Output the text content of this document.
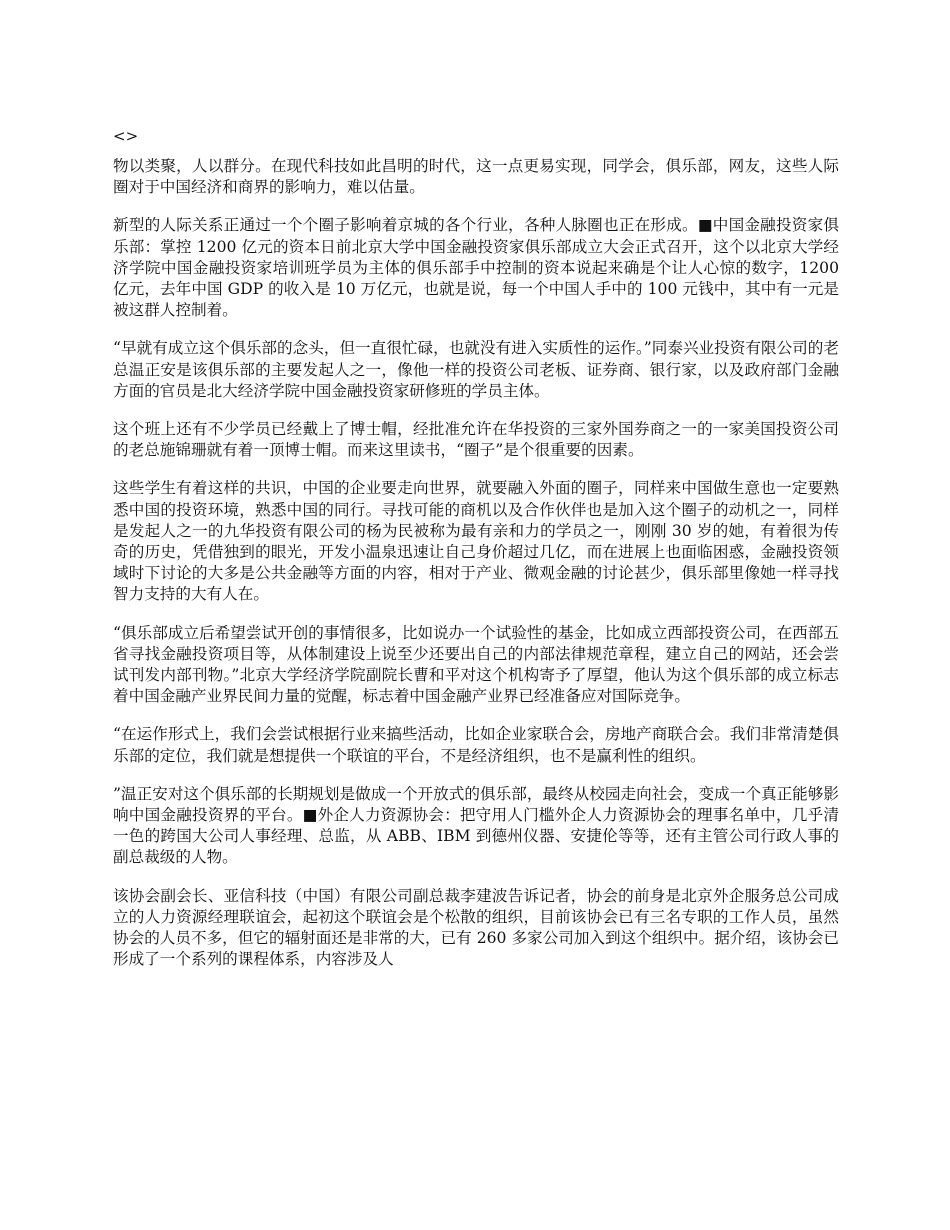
<>

物以类聚，人以群分。在现代科技如此昌明的时代，这一点更易实现，同学会，俱乐部，网友，这些人际圈对于中国经济和商界的影响力，难以估量。

新型的人际关系正通过一个个圈子影响着京城的各个行业，各种人脉圈也正在形成。■中国金融投资家俱乐部：掌控 1200 亿元的资本日前北京大学中国金融投资家俱乐部成立大会正式召开，这个以北京大学经济学院中国金融投资家培训班学员为主体的俱乐部手中控制的资本说起来确是个让人心惊的数字，1200 亿元，去年中国 GDP 的收入是 10 万亿元，也就是说，每一个中国人手中的 100 元钱中，其中有一元是被这群人控制着。

“早就有成立这个俱乐部的念头，但一直很忙碌，也就没有进入实质性的运作。”同泰兴业投资有限公司的老总温正安是该俱乐部的主要发起人之一，像他一样的投资公司老板、证券商、银行家，以及政府部门金融方面的官员是北大经济学院中国金融投资家研修班的学员主体。

这个班上还有不少学员已经戴上了博士帽，经批准允许在华投资的三家外国券商之一的一家美国投资公司的老总施锦珊就有着一顶博士帽。而来这里读书，“圈子”是个很重要的因素。

这些学生有着这样的共识，中国的企业要走向世界，就要融入外面的圈子，同样来中国做生意也一定要熟悉中国的投资环境，熟悉中国的同行。寻找可能的商机以及合作伙伴也是加入这个圈子的动机之一，同样是发起人之一的九华投资有限公司的杨为民被称为最有亲和力的学员之一，刚刚 30 岁的她，有着很为传奇的历史，凭借独到的眼光，开发小温泉迅速让自己身价超过几亿，而在进展上也面临困惑，金融投资领域时下讨论的大多是公共金融等方面的内容，相对于产业、微观金融的讨论甚少，俱乐部里像她一样寻找智力支持的大有人在。

“俱乐部成立后希望尝试开创的事情很多，比如说办一个试验性的基金，比如成立西部投资公司，在西部五省寻找金融投资项目等，从体制建设上说至少还要出自己的内部法律规范章程，建立自己的网站，还会尝试刊发内部刊物。”北京大学经济学院副院长曹和平对这个机构寄予了厚望，他认为这个俱乐部的成立标志着中国金融产业界民间力量的觉醒，标志着中国金融产业界已经准备应对国际竞争。

“在运作形式上，我们会尝试根据行业来搞些活动，比如企业家联合会，房地产商联合会。我们非常清楚俱乐部的定位，我们就是想提供一个联谊的平台，不是经济组织，也不是赢利性的组织。

”温正安对这个俱乐部的长期规划是做成一个开放式的俱乐部，最终从校园走向社会，变成一个真正能够影响中国金融投资界的平台。■外企人力资源协会：把守用人门槛外企人力资源协会的理事名单中，几乎清一色的跨国大公司人事经理、总监，从 ABB、IBM 到德州仪器、安捷伦等等，还有主管公司行政人事的副总裁级的人物。

该协会副会长、亚信科技（中国）有限公司副总裁李建波告诉记者，协会的前身是北京外企服务总公司成立的人力资源经理联谊会，起初这个联谊会是个松散的组织，目前该协会已有三名专职的工作人员，虽然协会的人员不多，但它的辐射面还是非常的大，已有 260 多家公司加入到这个组织中。据介绍，该协会已形成了一个系列的课程体系，内容涉及人
